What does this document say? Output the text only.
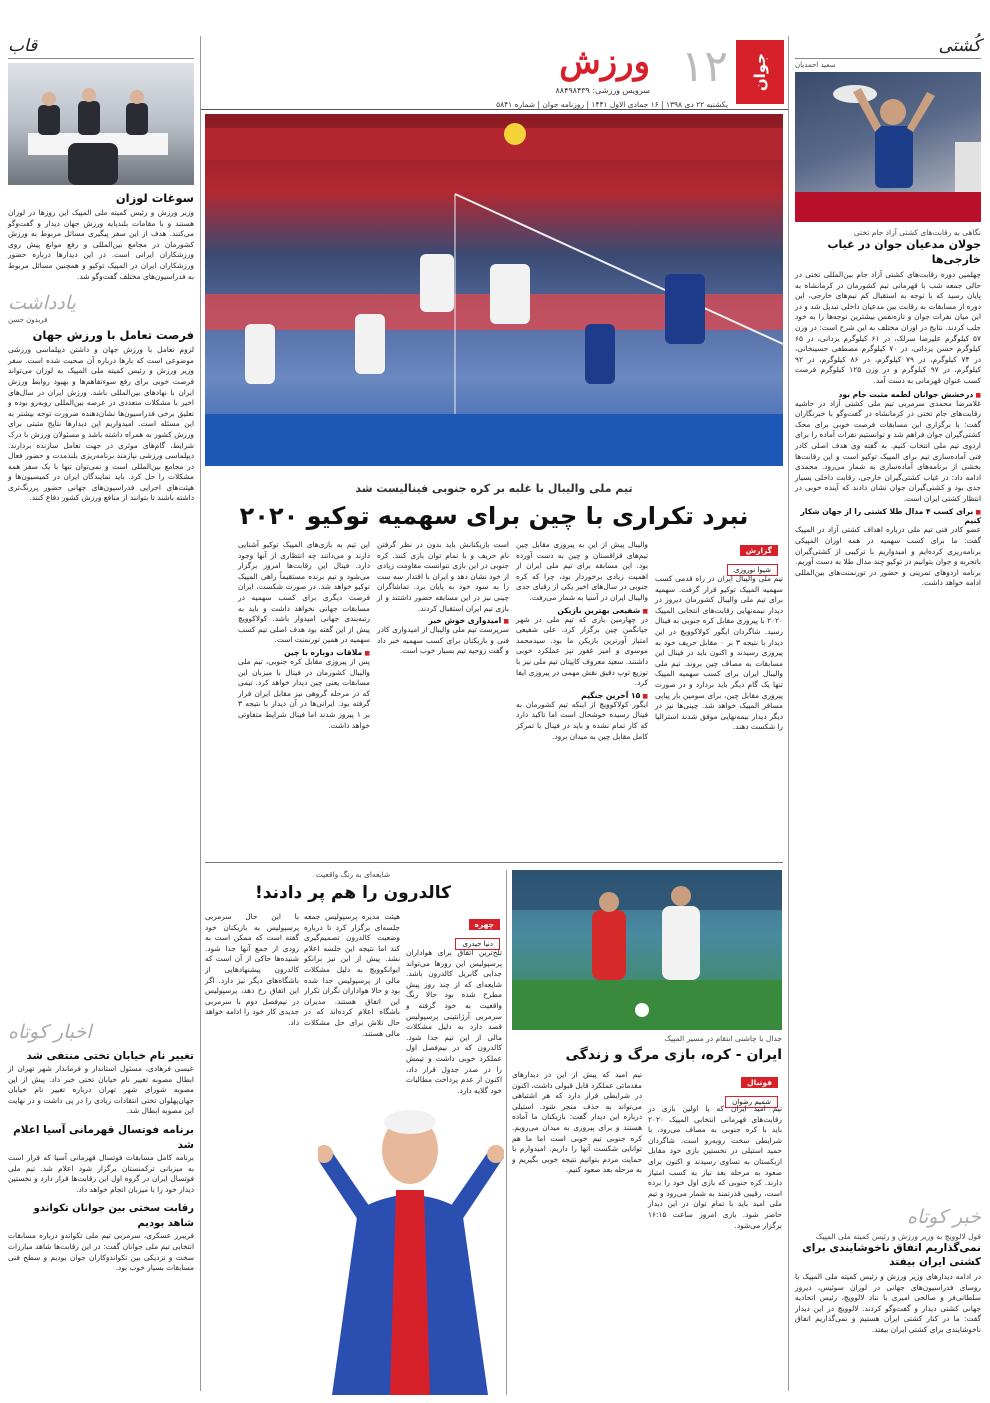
جوان
۱۲
ورزش
سرویس ورزشی: ۸۸۴۹۸۴۳۹
یکشنبه ۲۲ دی ۱۳۹۸ | ۱۶ جمادی الاول ۱۴۴۱ | روزنامه جوان | شماره ۵۸۴۱
کُشتی
سعید احمدیان
نگاهی به رقابت‌های کشتی آزاد جام تختی
جولان مدعیان جوان در غیاب خارجی‌ها
چهلمین دوره رقابت‌های کشتی آزاد جام بین‌المللی تختی در حالی جمعه شب با قهرمانی تیم کشورمان در کرمانشاه به پایان رسید که با توجه به استقبال کم تیم‌های خارجی، این دوره از مسابقات به رقابت بین مدعیان داخلی تبدیل شد و در این میان نفرات جوان و تازه‌نفس بیشترین توجه‌ها را به خود جلب کردند. نتایج در اوزان مختلف به این شرح است: در وزن ۵۷ کیلوگرم علیرضا سرلک، در ۶۱ کیلوگرم یزدانی، در ۶۵ کیلوگرم حسن یزدانی، در ۷۰ کیلوگرم مصطفی حسینخانی، در ۷۴ کیلوگرم، در ۷۹ کیلوگرم، در ۸۶ کیلوگرم، در ۹۲ کیلوگرم، در ۹۷ کیلوگرم و در وزن ۱۲۵ کیلوگرم فرصت کسب عنوان قهرمانی به دست آمد.
■ درخشش جوانان لطمه مثبت جام بود
غلامرضا محمدی سرمربی تیم ملی کشتی آزاد در حاشیه رقابت‌های جام تختی در کرمانشاه در گفت‌وگو با خبرنگاران گفت: با برگزاری این مسابقات فرصت خوبی برای محک کشتی‌گیران جوان فراهم شد و توانستیم نفرات آماده را برای اردوی تیم ملی انتخاب کنیم. به گفته وی هدف اصلی کادر فنی آماده‌سازی تیم برای المپیک توکیو است و این رقابت‌ها بخشی از برنامه‌های آماده‌سازی به شمار می‌رود. محمدی ادامه داد: در غیاب کشتی‌گیران خارجی، رقابت داخلی بسیار جدی بود و کشتی‌گیران جوان نشان دادند که آینده خوبی در انتظار کشتی ایران است.
■ برای کسب ۴ مدال طلا کشتی را از جهان شکار کنیم
عضو کادر فنی تیم ملی درباره اهداف کشتی آزاد در المپیک گفت: ما برای کسب سهمیه در همه اوزان المپیکی برنامه‌ریزی کرده‌ایم و امیدواریم با ترکیبی از کشتی‌گیران باتجربه و جوان بتوانیم در توکیو چند مدال طلا به دست آوریم. برنامه اردوهای تمرینی و حضور در تورنمنت‌های بین‌المللی ادامه خواهد داشت.
خبر کوتاه
قول لالوویچ به وزیر ورزش و رئیس کمیته ملی المپیک
نمی‌گذاریم اتفاق ناخوشایندی برای کشتی ایران بیفتد
در ادامه دیدارهای وزیر ورزش و رئیس کمیته ملی المپیک با روسای فدراسیون‌های جهانی در لوزان سوئیس، دیروز سلطانی‌فر و صالحی امیری با نناد لالوویچ، رئیس اتحادیه جهانی کشتی دیدار و گفت‌وگو کردند. لالوویچ در این دیدار گفت: ما در کنار کشتی ایران هستیم و نمی‌گذاریم اتفاق ناخوشایندی برای کشتی ایران بیفتد.
تیم ملی والیبال با غلبه بر کره جنوبی فینالیست شد
نبرد تکراری با چین برای سهمیه توکیو ۲۰۲۰
گزارش
شیوا نوروزی
تیم ملی والیبال ایران در راه قدمی کسب سهمیه المپیک توکیو قرار گرفت. سهمیه برای تیم ملی والیبال کشورمان دیروز در دیدار نیمه‌نهایی رقابت‌های انتخابی المپیک ۲۰۲۰ با پیروزی مقابل کره جنوبی به فینال رسید. شاگردان ایگور کولاکوویچ در این دیدار با نتیجه ۳ بر ۰ مقابل حریف خود به پیروزی رسیدند و اکنون باید در فینال این مسابقات به مصاف چین بروند. تیم ملی والیبال ایران برای کسب سهمیه المپیک تنها یک گام دیگر باید بردارد و در صورت پیروزی مقابل چین، برای سومین بار پیاپی مسافر المپیک خواهد شد. چینی‌ها نیز در دیگر دیدار نیمه‌نهایی موفق شدند استرالیا را شکست دهند.
والیبال پیش از این به پیروزی مقابل چین تیم‌های قزاقستان و چین به دست آورده بود. این مسابقه برای تیم ملی ایران از اهمیت زیادی برخوردار بود، چرا که کره جنوبی در سال‌های اخیر یکی از رقبای جدی والیبال ایران در آسیا به شمار می‌رفت.
■ شفیعی بهترین بازیکن
در چهارمین بازی که تیم ملی در شهر جیانگمن چین برگزار کرد، علی شفیعی امتیاز آورترین بازیکن ما بود. سیدمحمد موسوی و امیر غفور نیز عملکرد خوبی داشتند. سعید معروف کاپیتان تیم ملی نیز با توزیع توپ دقیق نقش مهمی در پیروزی ایفا کرد.
■ ۱۵ آخرین جنگیم
ایگور کولاکوویچ از اینکه تیم کشورمان به فینال رسیده خوشحال است اما تاکید دارد که کار تمام نشده و باید در فینال با تمرکز کامل مقابل چین به میدان برود.
است بازیکنانش باید بدون در نظر گرفتن نام حریف و با تمام توان بازی کنند. کره جنوبی در این بازی نتوانست مقاومت زیادی از خود نشان دهد و ایران با اقتدار سه ست را به سود خود به پایان برد. تماشاگران چینی نیز در این مسابقه حضور داشتند و از بازی تیم ایران استقبال کردند.
■ امیدواری خوش خبر
سرپرست تیم ملی والیبال از امیدواری کادر فنی و بازیکنان برای کسب سهمیه خبر داد و گفت روحیه تیم بسیار خوب است.
این تیم به بازی‌های المپیک توکیو آشنایی دارند و می‌دانند چه انتظاری از آنها وجود دارد. فینال این رقابت‌ها امروز برگزار می‌شود و تیم برنده مستقیماً راهی المپیک توکیو خواهد شد. در صورت شکست، ایران فرصت دیگری برای کسب سهمیه در مسابقات جهانی نخواهد داشت و باید به رتبه‌بندی جهانی امیدوار باشد. کولاکوویچ پیش از این گفته بود هدف اصلی تیم کسب سهمیه در همین تورنمنت است.
■ ملاقات دوباره با چین
پس از پیروزی مقابل کره جنوبی، تیم ملی والیبال کشورمان در فینال با میزبان این مسابقات یعنی چین دیدار خواهد کرد. تیمی که در مرحله گروهی نیز مقابل ایران قرار گرفته بود. ایرانی‌ها در آن دیدار با نتیجه ۳ بر ۱ پیروز شدند اما فینال شرایط متفاوتی خواهد داشت.
جدال با چاشنی انتقام در مسیر المپیک
ایران - کره، بازی مرگ و زندگی
فوتبال
شمیم رضوان
تیم امید ایران که با اولین بازی در رقابت‌های قهرمانی انتخابی المپیک ۲۰۲۰ باید با کره جنوبی به مصاف می‌رود، با شرایطی سخت روبه‌رو است. شاگردان حمید استیلی در نخستین بازی خود مقابل ازبکستان به تساوی رسیدند و اکنون برای صعود به مرحله بعد نیاز به کسب امتیاز دارند. کره جنوبی که بازی اول خود را برده است، رقیبی قدرتمند به شمار می‌رود و تیم ملی امید باید با تمام توان در این دیدار حاضر شود. بازی امروز ساعت ۱۶:۱۵ برگزار می‌شود.
تیم امید که پیش از این در دیدارهای مقدماتی عملکرد قابل قبولی داشت، اکنون در شرایطی قرار دارد که هر اشتباهی می‌تواند به حذف منجر شود. استیلی درباره این دیدار گفت: بازیکنان ما آماده هستند و برای پیروزی به میدان می‌رویم. کره جنوبی تیم خوبی است اما ما هم توانایی شکست آنها را داریم. امیدوارم با حمایت مردم بتوانیم نتیجه خوبی بگیریم و به مرحله بعد صعود کنیم.
شایعه‌ای به رنگ واقعیت
کالدرون را هم پر دادند!
چهره
دنیا حیدری
تلخ‌ترین اتفاق برای هواداران پرسپولیس این روزها می‌تواند جدایی گابریل کالدرون باشد. شایعه‌ای که از چند روز پیش مطرح شده بود حالا رنگ واقعیت به خود گرفته و سرمربی آرژانتینی پرسپولیس قصد دارد به دلیل مشکلات مالی از این تیم جدا شود. کالدرون که در نیم‌فصل اول عملکرد خوبی داشت و تیمش را در صدر جدول قرار داد، اکنون از عدم پرداخت مطالبات خود گلایه دارد.
هیئت مدیره پرسپولیس جمعه جلسه‌ای برگزار کرد تا درباره وضعیت کالدرون تصمیم‌گیری کند اما نتیجه این جلسه اعلام نشد. پیش از این نیز برانکو ایوانکوویچ به دلیل مشکلات مالی از پرسپولیس جدا شده بود و حالا هواداران نگران تکرار این اتفاق هستند. مدیران باشگاه اعلام کرده‌اند که در حال تلاش برای حل مشکلات مالی هستند.
با این حال سرمربی پرسپولیس به بازیکنان خود گفته است که ممکن است به زودی از جمع آنها جدا شود. شنیده‌ها حاکی از آن است که کالدرون پیشنهادهایی از باشگاه‌های دیگر نیز دارد. اگر این اتفاق رخ دهد، پرسپولیس در نیم‌فصل دوم با سرمربی جدیدی کار خود را ادامه خواهد داد.
قاب
سوغات لوزان
وزیر ورزش و رئیس کمیته ملی المپیک این روزها در لوزان هستند و با مقامات بلندپایه ورزش جهان دیدار و گفت‌وگو می‌کنند. هدف از این سفر پیگیری مسائل مربوط به ورزش کشورمان در مجامع بین‌المللی و رفع موانع پیش روی ورزشکاران ایرانی است. در این دیدارها درباره حضور ورزشکاران ایران در المپیک توکیو و همچنین مسائل مربوط به فدراسیون‌های مختلف گفت‌وگو شد.
یادداشت
فریدون حسن
فرصت تعامل با ورزش جهان
لزوم تعامل با ورزش جهان و داشتن دیپلماسی ورزشی موضوعی است که بارها درباره آن صحبت شده است. سفر وزیر ورزش و رئیس کمیته ملی المپیک به لوزان می‌تواند فرصت خوبی برای رفع سوءتفاهم‌ها و بهبود روابط ورزش ایران با نهادهای بین‌المللی باشد. ورزش ایران در سال‌های اخیر با مشکلات متعددی در عرصه بین‌المللی روبه‌رو بوده و تعلیق برخی فدراسیون‌ها نشان‌دهنده ضرورت توجه بیشتر به این مسئله است. امیدواریم این دیدارها نتایج مثبتی برای ورزش کشور به همراه داشته باشد و مسئولان ورزش با درک شرایط، گام‌های موثری در جهت تعامل سازنده بردارند. دیپلماسی ورزشی نیازمند برنامه‌ریزی بلندمدت و حضور فعال در مجامع بین‌المللی است و نمی‌توان تنها با یک سفر همه مشکلات را حل کرد. باید نمایندگان ایران در کمیسیون‌ها و هیئت‌های اجرایی فدراسیون‌های جهانی حضور پررنگ‌تری داشته باشند تا بتوانند از منافع ورزش کشور دفاع کنند.
اخبار کوتاه
تغییر نام خیابان تختی منتفی شد
عیسی فرهادی، مسئول استاندار و فرماندار شهر تهران از ابطال مصوبه تغییر نام خیابان تختی خبر داد. پیش از این مصوبه شورای شهر تهران درباره تغییر نام خیابان جهان‌پهلوان تختی انتقادات زیادی را در پی داشت و در نهایت این مصوبه ابطال شد.
برنامه فوتسال قهرمانی آسیا اعلام شد
برنامه کامل مسابقات فوتسال قهرمانی آسیا که قرار است به میزبانی ترکمنستان برگزار شود اعلام شد. تیم ملی فوتسال ایران در گروه اول این رقابت‌ها قرار دارد و نخستین دیدار خود را با میزبان انجام خواهد داد.
رقابت سختی بین جوانان تکواندو شاهد بودیم
فریبرز عسکری، سرمربی تیم ملی تکواندو درباره مسابقات انتخابی تیم ملی جوانان گفت: در این رقابت‌ها شاهد مبارزات سخت و نزدیکی بین تکواندوکاران جوان بودیم و سطح فنی مسابقات بسیار خوب بود.
